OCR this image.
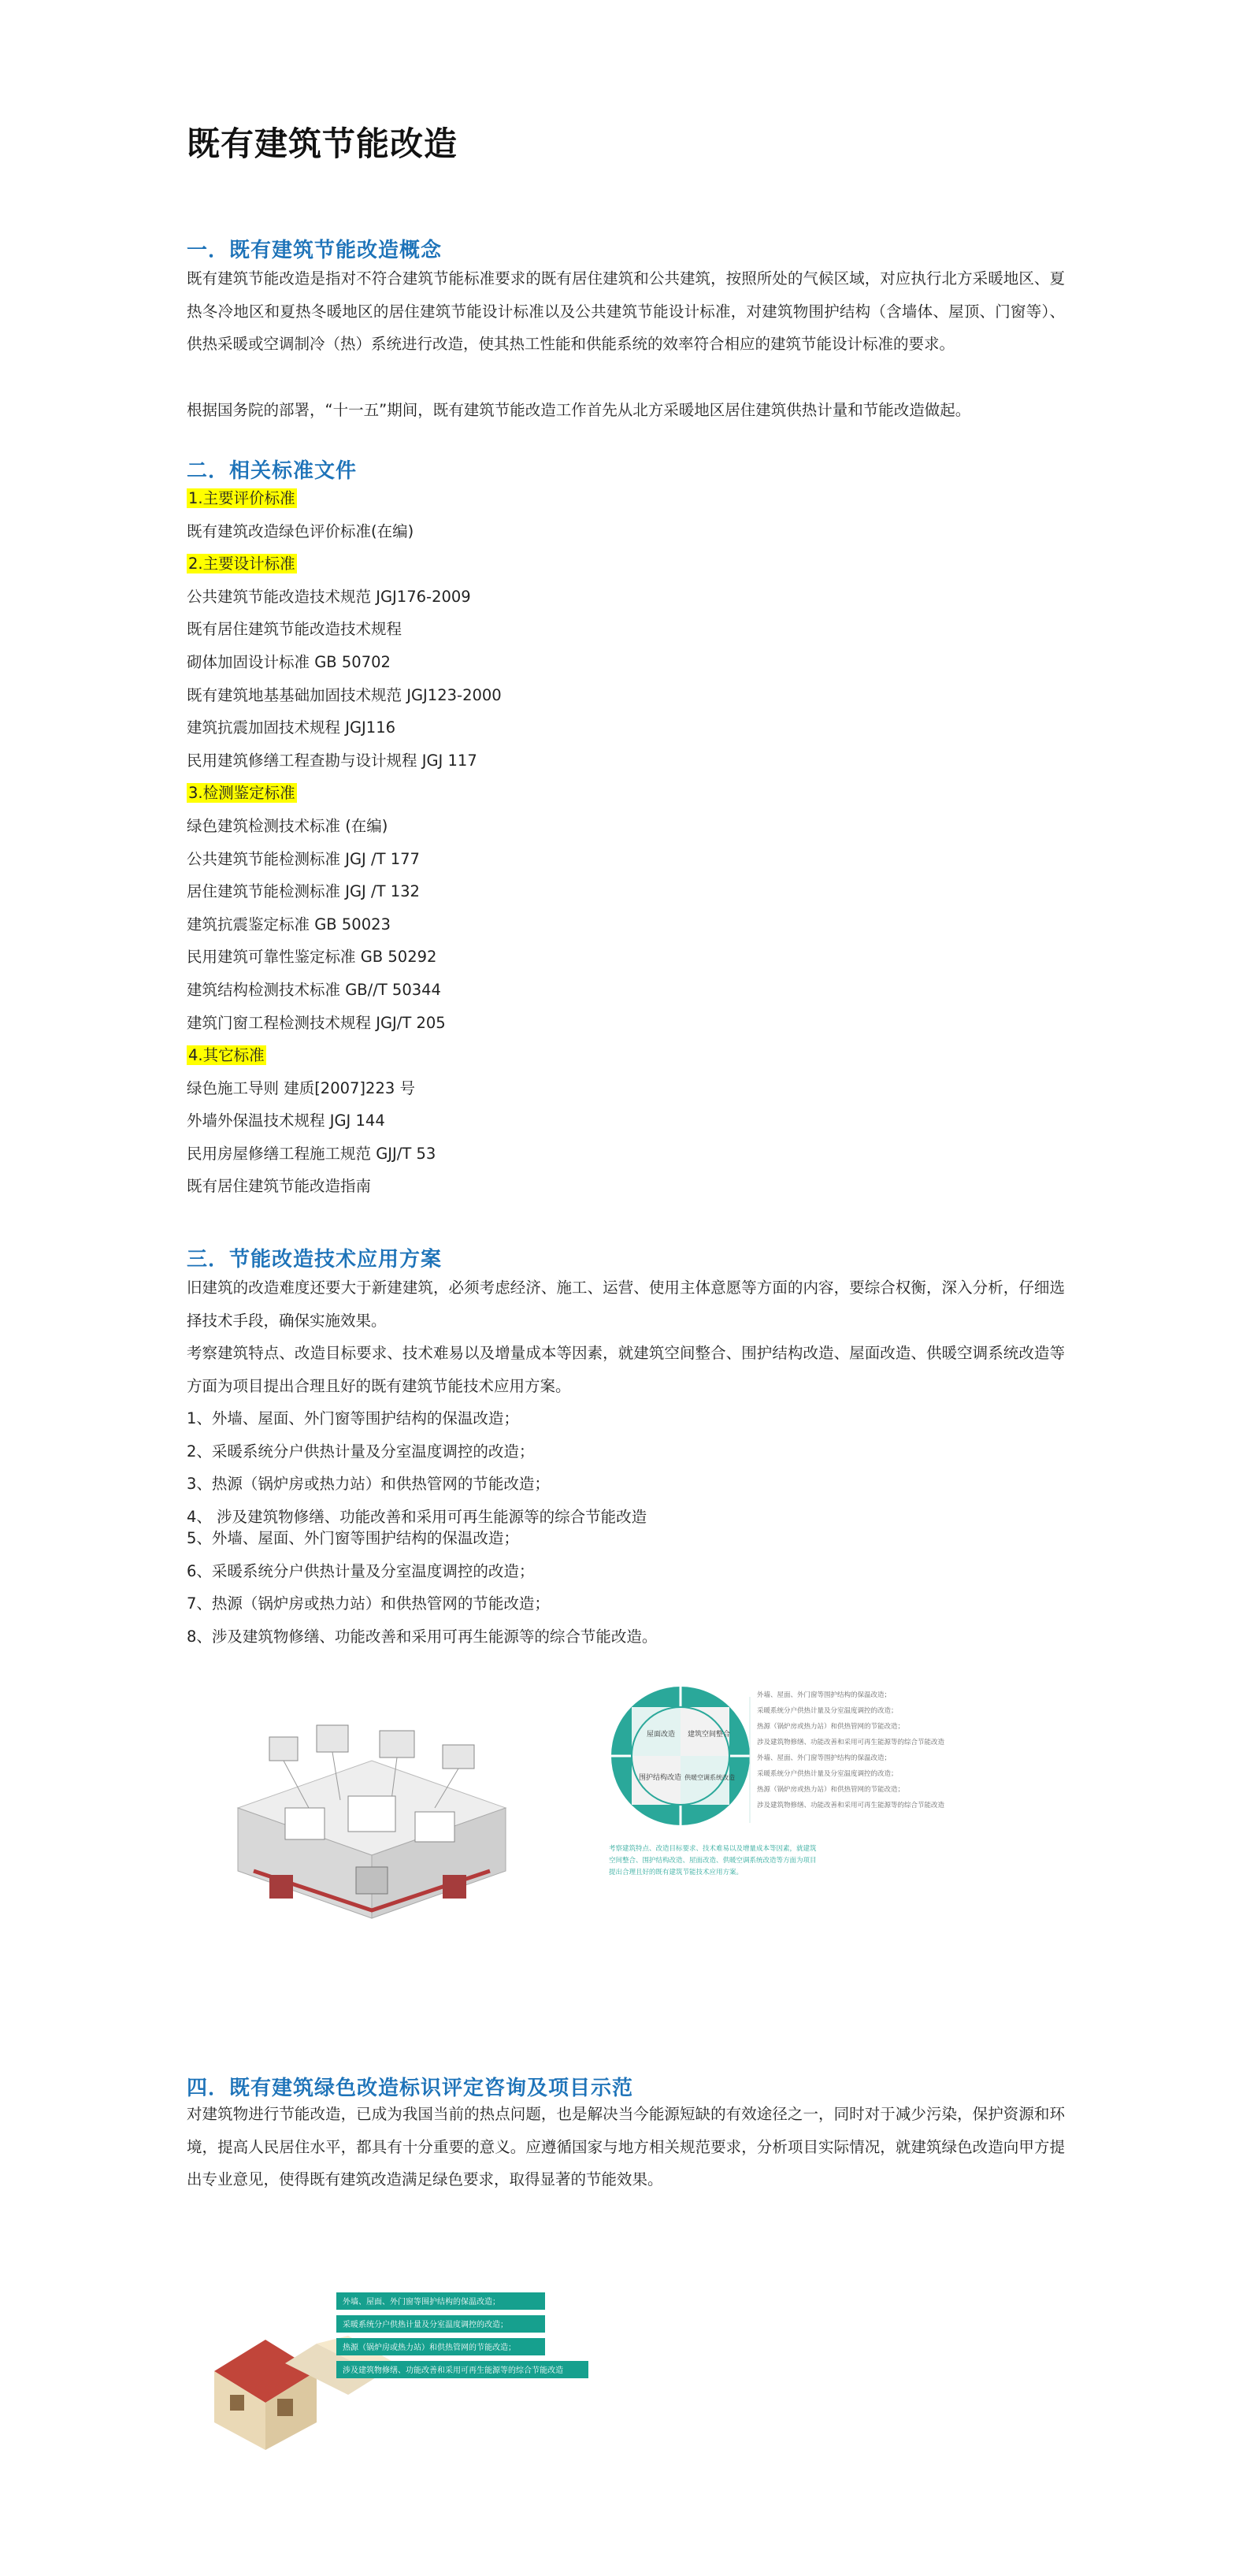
既有建筑节能改造
一．既有建筑节能改造概念

既有建筑节能改造是指对不符合建筑节能标准要求的既有居住建筑和公共建筑，按照所处的气候区域，对应执行北方采暖地区、夏热冬冷地区和夏热冬暖地区的居住建筑节能设计标准以及公共建筑节能设计标准，对建筑物围护结构（含墙体、屋顶、门窗等）、供热采暖或空调制冷（热）系统进行改造，使其热工性能和供能系统的效率符合相应的建筑节能设计标准的要求。

根据国务院的部署，“十一五”期间，既有建筑节能改造工作首先从北方采暖地区居住建筑供热计量和节能改造做起。

二．相关标准文件
1.主要评价标准
既有建筑改造绿色评价标准(在编)
2.主要设计标准
公共建筑节能改造技术规范 JGJ176-2009
既有居住建筑节能改造技术规程
砌体加固设计标准 GB 50702
既有建筑地基基础加固技术规范 JGJ123-2000
建筑抗震加固技术规程 JGJ116
民用建筑修缮工程查勘与设计规程 JGJ 117
3.检测鉴定标准
绿色建筑检测技术标准 (在编)
公共建筑节能检测标准 JGJ /T 177
居住建筑节能检测标准 JGJ /T 132
建筑抗震鉴定标准 GB 50023
民用建筑可靠性鉴定标准 GB 50292
建筑结构检测技术标准 GB//T 50344
建筑门窗工程检测技术规程 JGJ/T 205
4.其它标准
绿色施工导则 建质[2007]223 号
外墙外保温技术规程 JGJ 144
民用房屋修缮工程施工规范 GJJ/T 53
既有居住建筑节能改造指南
三．节能改造技术应用方案

旧建筑的改造难度还要大于新建建筑，必须考虑经济、施工、运营、使用主体意愿等方面的内容，要综合权衡，深入分析，仔细选择技术手段，确保实施效果。

考察建筑特点、改造目标要求、技术难易以及增量成本等因素，就建筑空间整合、围护结构改造、屋面改造、供暖空调系统改造等方面为项目提出合理且好的既有建筑节能技术应用方案。

1、外墙、屋面、外门窗等围护结构的保温改造；
2、采暖系统分户供热计量及分室温度调控的改造；
3、热源（锅炉房或热力站）和供热管网的节能改造；
4、 涉及建筑物修缮、功能改善和采用可再生能源等的综合节能改造
5、外墙、屋面、外门窗等围护结构的保温改造；
6、采暖系统分户供热计量及分室温度调控的改造；
7、热源（锅炉房或热力站）和供热管网的节能改造；
8、涉及建筑物修缮、功能改善和采用可再生能源等的综合节能改造。
屋面改造 建筑空间整合
围护结构改造 供暖空调系统改造
外墙、屋面、外门窗等围护结构的保温改造；
采暖系统分户供热计量及分室温度调控的改造；
热源（锅炉房或热力站）和供热管网的节能改造；
涉及建筑物修缮、功能改善和采用可再生能源等的综合节能改造
外墙、屋面、外门窗等围护结构的保温改造；
采暖系统分户供热计量及分室温度调控的改造；
热源（锅炉房或热力站）和供热管网的节能改造；
涉及建筑物修缮、功能改善和采用可再生能源等的综合节能改造
考察建筑特点、改造目标要求、技术难易以及增量成本等因素，就建筑
空间整合、围护结构改造、屋面改造、供暖空调系统改造等方面为项目
提出合理且好的既有建筑节能技术应用方案。
四．既有建筑绿色改造标识评定咨询及项目示范

对建筑物进行节能改造，已成为我国当前的热点问题，也是解决当今能源短缺的有效途径之一，同时对于减少污染，保护资源和环境，提高人民居住水平，都具有十分重要的意义。应遵循国家与地方相关规范要求，分析项目实际情况，就建筑绿色改造向甲方提出专业意见，使得既有建筑改造满足绿色要求，取得显著的节能效果。

外墙、屋面、外门窗等围护结构的保温改造；
采暖系统分户供热计量及分室温度调控的改造；
热源（锅炉房或热力站）和供热管网的节能改造；
涉及建筑物修缮、功能改善和采用可再生能源等的综合节能改造
